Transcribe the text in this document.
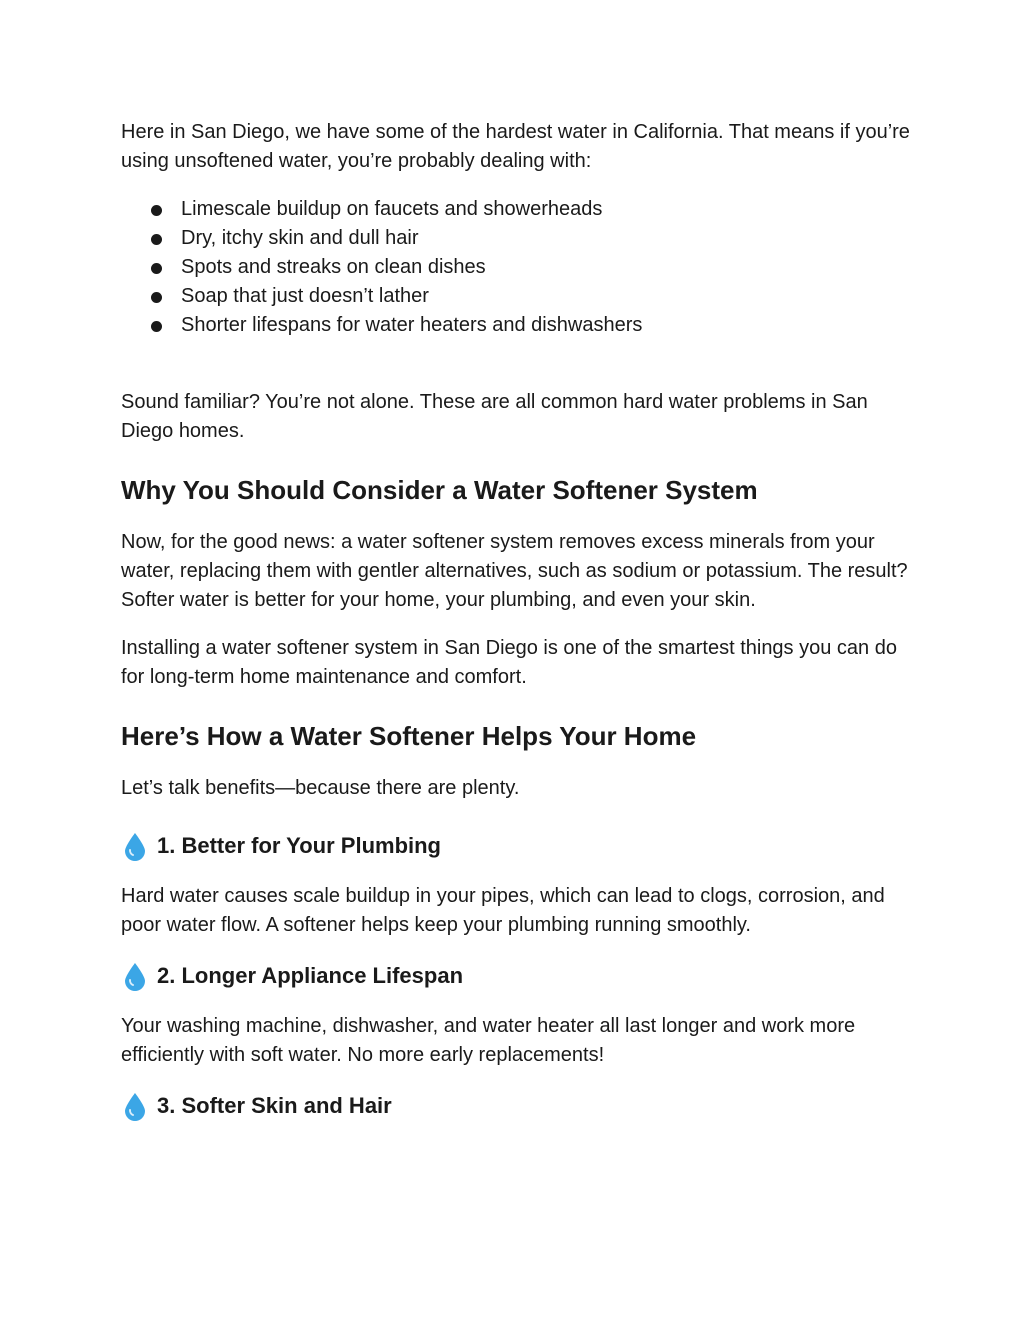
Here in San Diego, we have some of the hardest water in California. That means if you’re using unsoftened water, you’re probably dealing with:

Limescale buildup on faucets and showerheads
Dry, itchy skin and dull hair
Spots and streaks on clean dishes
Soap that just doesn’t lather
Shorter lifespans for water heaters and dishwashers

Sound familiar? You’re not alone. These are all common hard water problems in San Diego homes.

Why You Should Consider a Water Softener System

Now, for the good news: a water softener system removes excess minerals from your water, replacing them with gentler alternatives, such as sodium or potassium. The result? Softer water is better for your home, your plumbing, and even your skin.

Installing a water softener system in San Diego is one of the smartest things you can do for long-term home maintenance and comfort.

Here’s How a Water Softener Helps Your Home

Let’s talk benefits—because there are plenty.

1. Better for Your Plumbing

Hard water causes scale buildup in your pipes, which can lead to clogs, corrosion, and poor water flow. A softener helps keep your plumbing running smoothly.

2. Longer Appliance Lifespan

Your washing machine, dishwasher, and water heater all last longer and work more efficiently with soft water. No more early replacements!

3. Softer Skin and Hair
